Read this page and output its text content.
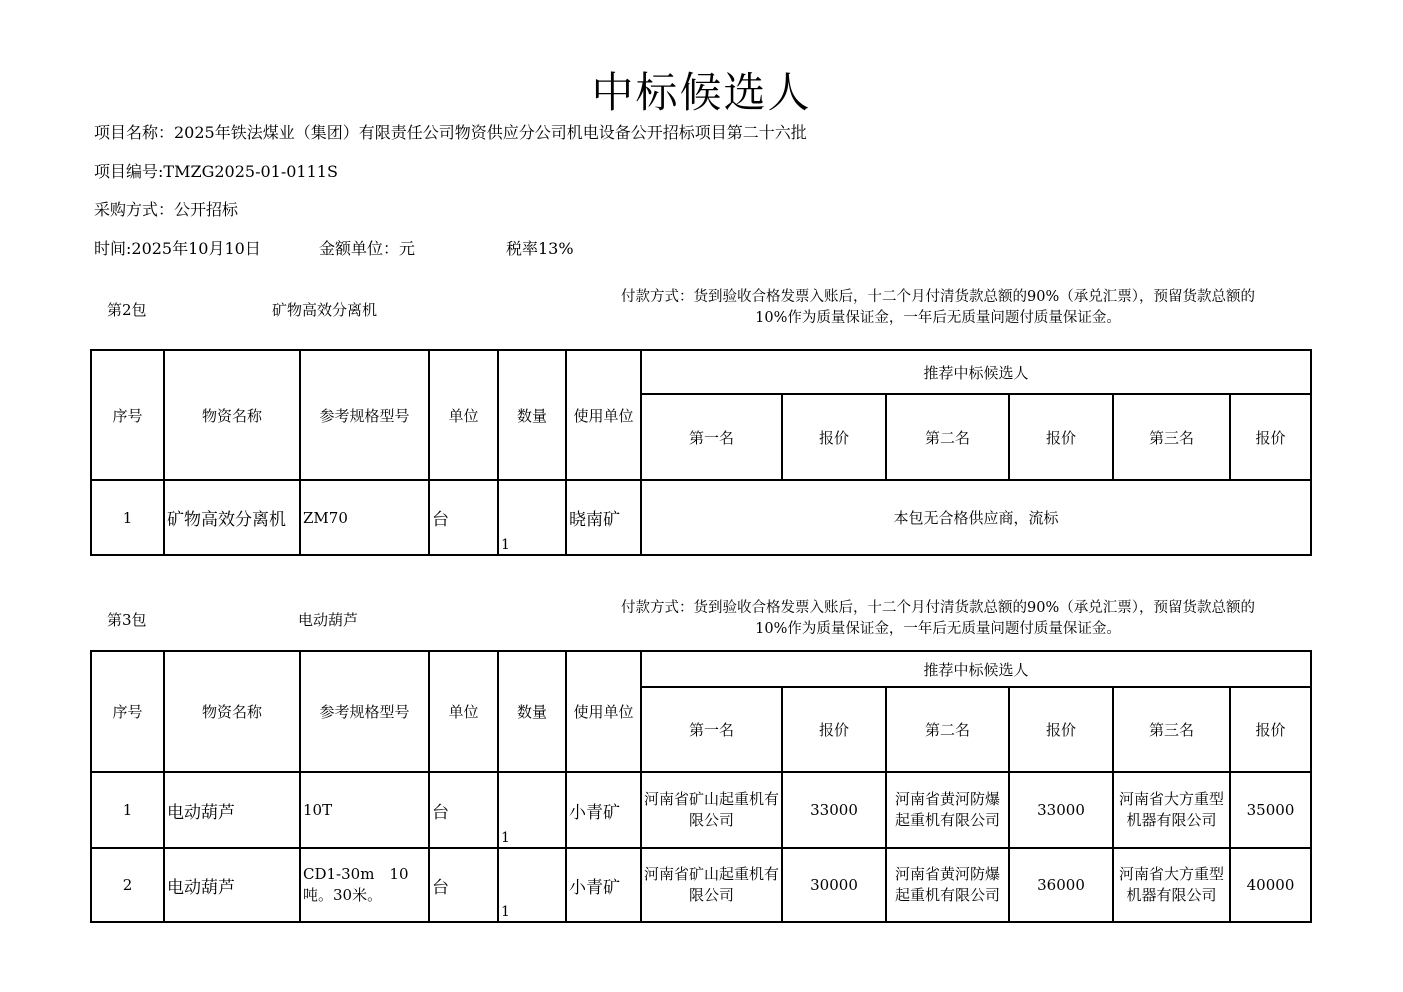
中标候选人
项目名称：2025年铁法煤业（集团）有限责任公司物资供应分公司机电设备公开招标项目第二十六批
项目编号:TMZG2025-01-0111S
采购方式：公开招标
时间:2025年10月10日	金额单位：元	税率13%
第2包	矿物高效分离机
付款方式：货到验收合格发票入账后，十二个月付清货款总额的90%（承兑汇票），预留货款总额的
10%作为质量保证金，一年后无质量问题付质量保证金。
序号	物资名称	参考规格型号	单位	数量	使用单位	推荐中标候选人					
						第一名	报价	第二名	报价	第三名	报价
1	矿物高效分离机	ZM70	台	1	晓南矿	本包无合格供应商，流标					
第3包	电动葫芦
付款方式：货到验收合格发票入账后，十二个月付清货款总额的90%（承兑汇票），预留货款总额的
10%作为质量保证金，一年后无质量问题付质量保证金。
序号	物资名称	参考规格型号	单位	数量	使用单位	推荐中标候选人					
						第一名	报价	第二名	报价	第三名	报价
1	电动葫芦	10T	台	1	小青矿	河南省矿山起重机有限公司	33000	河南省黄河防爆起重机有限公司	33000	河南省大方重型机器有限公司	35000
2	电动葫芦	CD1-30m　10吨。30米。	台	1	小青矿	河南省矿山起重机有限公司	30000	河南省黄河防爆起重机有限公司	36000	河南省大方重型机器有限公司	40000
